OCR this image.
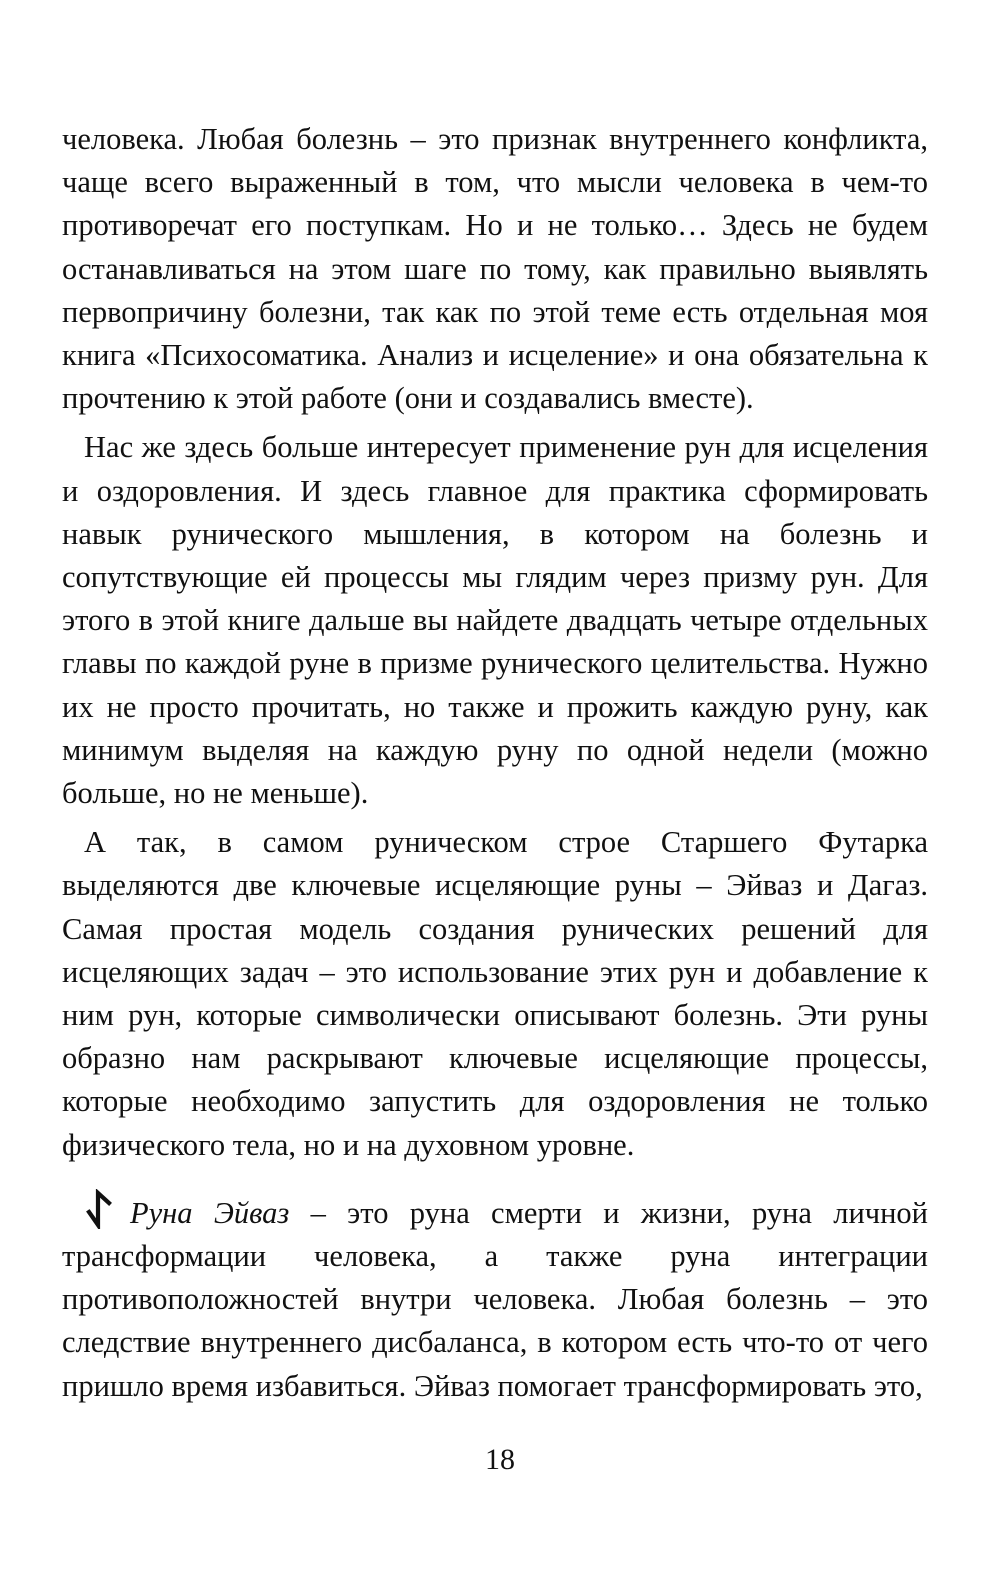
человека. Любая болезнь – это признак внутреннего конфликта, чаще всего выраженный в том, что мысли человека в чем-то противоречат его поступкам. Но и не только… Здесь не будем останавливаться на этом шаге по тому, как правильно выявлять первопричину болезни, так как по этой теме есть отдельная моя книга «Психосоматика. Анализ и исцеление» и она обязательна к прочтению к этой работе (они и создавались вместе).

Нас же здесь больше интересует применение рун для исцеления и оздоровления. И здесь главное для практика сформировать навык рунического мышления, в котором на болезнь и сопутствующие ей процессы мы глядим через призму рун. Для этого в этой книге дальше вы найдете двадцать четыре отдельных главы по каждой руне в призме рунического целительства. Нужно их не просто прочитать, но также и прожить каждую руну, как минимум выделяя на каждую руну по одной недели (можно больше, но не меньше).

А так, в самом руническом строе Старшего Футарка выделяются две ключевые исцеляющие руны – Эйваз и Дагаз. Самая простая модель создания рунических решений для исцеляющих задач – это использование этих рун и добавление к ним рун, которые символически описывают болезнь. Эти руны образно нам раскрывают ключевые исцеляющие процессы, которые необходимо запустить для оздоровления не только физического тела, но и на духовном уровне.

Руна Эйваз – это руна смерти и жизни, руна личной трансформации человека, а также руна интеграции противоположностей внутри человека. Любая болезнь – это следствие внутреннего дисбаланса, в котором есть что-то от чего пришло время избавиться. Эйваз помогает трансформировать это,

18
